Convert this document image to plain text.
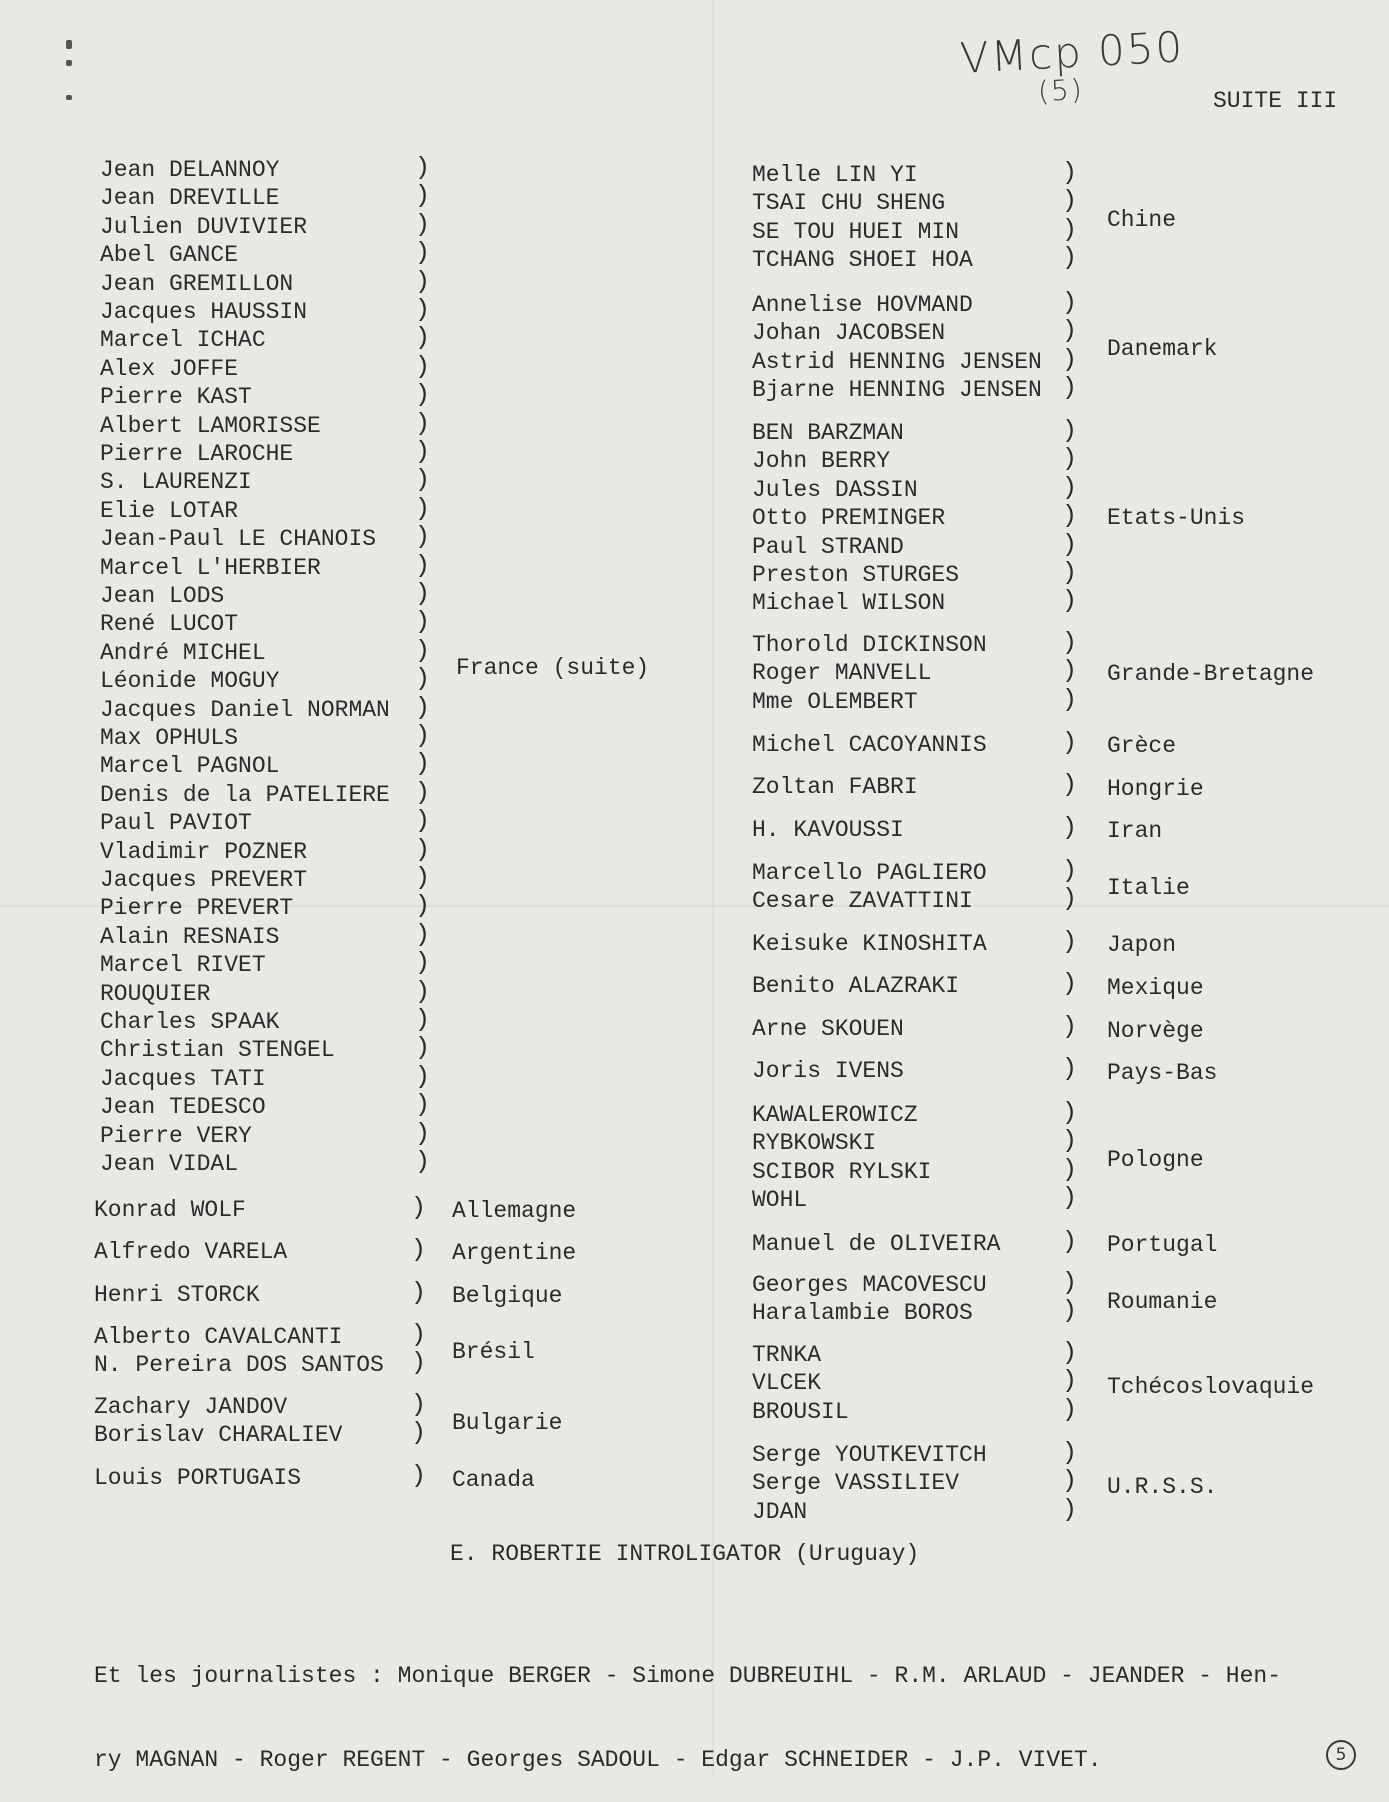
VMcp 050
(5)	SUITE III
Jean DELANNOY	)
Jean DREVILLE	)
Julien DUVIVIER	)
Abel GANCE	)
Jean GREMILLON	)
Jacques HAUSSIN	)
Marcel ICHAC	)
Alex JOFFE	)
Pierre KAST	)
Albert LAMORISSE	)
Pierre LAROCHE	)
S. LAURENZI	)
Elie LOTAR	)
Jean-Paul LE CHANOIS )
Marcel L'HERBIER	)
Jean LODS	)
René LUCOT	)
André MICHEL	)
Léonide MOGUY	)
Jacques Daniel NORMAN )
Max OPHULS	)
Marcel PAGNOL	)
Denis de la PATELIERE )
Paul PAVIOT	)
Vladimir POZNER	)
Jacques PREVERT	)
Pierre PREVERT	)
Alain RESNAIS	)
Marcel RIVET	)
ROUQUIER	)
Charles SPAAK	)
Christian STENGEL	)
Jacques TATI	)
Jean TEDESCO	)
Pierre VERY	)
Jean VIDAL	)
France (suite)
Konrad WOLF	) Allemagne
Alfredo VARELA	) Argentine
Henri STORCK	) Belgique
Alberto CAVALCANTI	)
N. Pereira DOS SANTOS ) Brésil
Zachary JANDOV	)
Borislav CHARALIEV	) Bulgarie
Louis PORTUGAIS	) Canada
Melle LIN YI	)
TSAI CHU SHENG	)
SE TOU HUEI MIN	)
TCHANG SHOEI HOA	)
Chine
Annelise HOVMAND	)
Johan JACOBSEN	)
Astrid HENNING JENSEN )
Bjarne HENNING JENSEN )
Danemark
BEN BARZMAN	)
John BERRY	)
Jules DASSIN	)
Otto PREMINGER	)
Paul STRAND	)
Preston STURGES	)
Michael WILSON	)
Etats-Unis
Thorold DICKINSON	)
Roger MANVELL	)
Mme OLEMBERT	)
Grande-Bretagne
Michel CACOYANNIS	) Grèce
Zoltan FABRI	) Hongrie
H. KAVOUSSI	) Iran
Marcello PAGLIERO	)
Cesare ZAVATTINI	) Italie
Keisuke KINOSHITA	) Japon
Benito ALAZRAKI	) Mexique
Arne SKOUEN	) Norvège
Joris IVENS	) Pays-Bas
KAWALEROWICZ	)
RYBKOWSKI	)
SCIBOR RYLSKI	)
WOHL	)
Pologne
Manuel de OLIVEIRA ) Portugal
Georges MACOVESCU	)
Haralambie BOROS	) Roumanie
TRNKA	)
VLCEK	)
BROUSIL	)
Tchécoslovaquie
Serge YOUTKEVITCH	)
Serge VASSILIEV	)
JDAN	)
U.R.S.S.
E. ROBERTIE INTROLIGATOR (Uruguay)

Et les journalistes : Monique BERGER - Simone DUBREUIHL - R.M. ARLAUD - JEANDER - Hen-

ry MAGNAN - Roger REGENT - Georges SADOUL - Edgar SCHNEIDER - J.P. VIVET.	5
